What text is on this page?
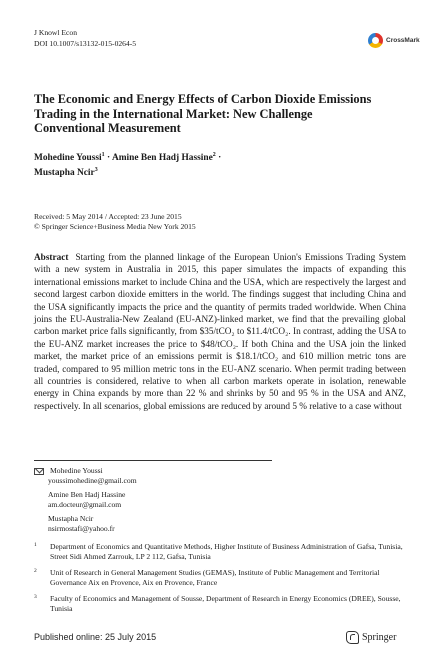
J Knowl Econ
DOI 10.1007/s13132-015-0264-5	CrossMark
The Economic and Energy Effects of Carbon Dioxide Emissions Trading in the International Market: New Challenge Conventional Measurement
Mohedine Youssi$^1$ · Amine Ben Hadj Hassine$^2$ ·
Mustapha Ncir$^3$
Received: 5 May 2014 / Accepted: 23 June 2015
© Springer Science+Business Media New York 2015
Abstract Starting from the planned linkage of the European Union's Emissions Trading System with a new system in Australia in 2015, this paper simulates the impacts of expanding this international emissions market to include China and the USA, which are respectively the largest and second largest carbon dioxide emitters in the world. The findings suggest that including China and the USA significantly impacts the price and the quantity of permits traded worldwide. When China joins the EU-Australia-New Zealand (EU-ANZ)-linked market, we find that the prevailing global carbon market price falls significantly, from $35/tCO₂ to $11.4/tCO₂. In contrast, adding the USA to the EU-ANZ market increases the price to $48/tCO₂. If both China and the USA join the linked market, the market price of an emissions permit is $18.1/tCO₂ and 610 million metric tons are traded, compared to 95 million metric tons in the EU-ANZ scenario. When permit trading between all countries is considered, relative to when all carbon markets operate in isolation, renewable energy in China expands by more than 22 % and shrinks by 50 and 95 % in the USA and ANZ, respectively. In all scenarios, global emissions are reduced by around 5 % relative to a case without
Mohedine Youssi
youssimohedine@gmail.com
Amine Ben Hadj Hassine
am.docteur@gmail.com
Mustapha Ncir
nsirmostafi@yahoo.fr
1	Department of Economics and Quantitative Methods, Higher Institute of Business Administration of Gafsa, Tunisia, Street Sidi Ahmed Zarrouk, LP 2 112, Gafsa, Tunisia
2	Unit of Research in General Management Studies (GEMAS), Institute of Public Management and Territorial Governance Aix en Provence, Aix en Provence, France
3	Faculty of Economics and Management of Sousse, Department of Research in Energy Economics (DREE), Sousse, Tunisia
Published online: 25 July 2015	Springer
